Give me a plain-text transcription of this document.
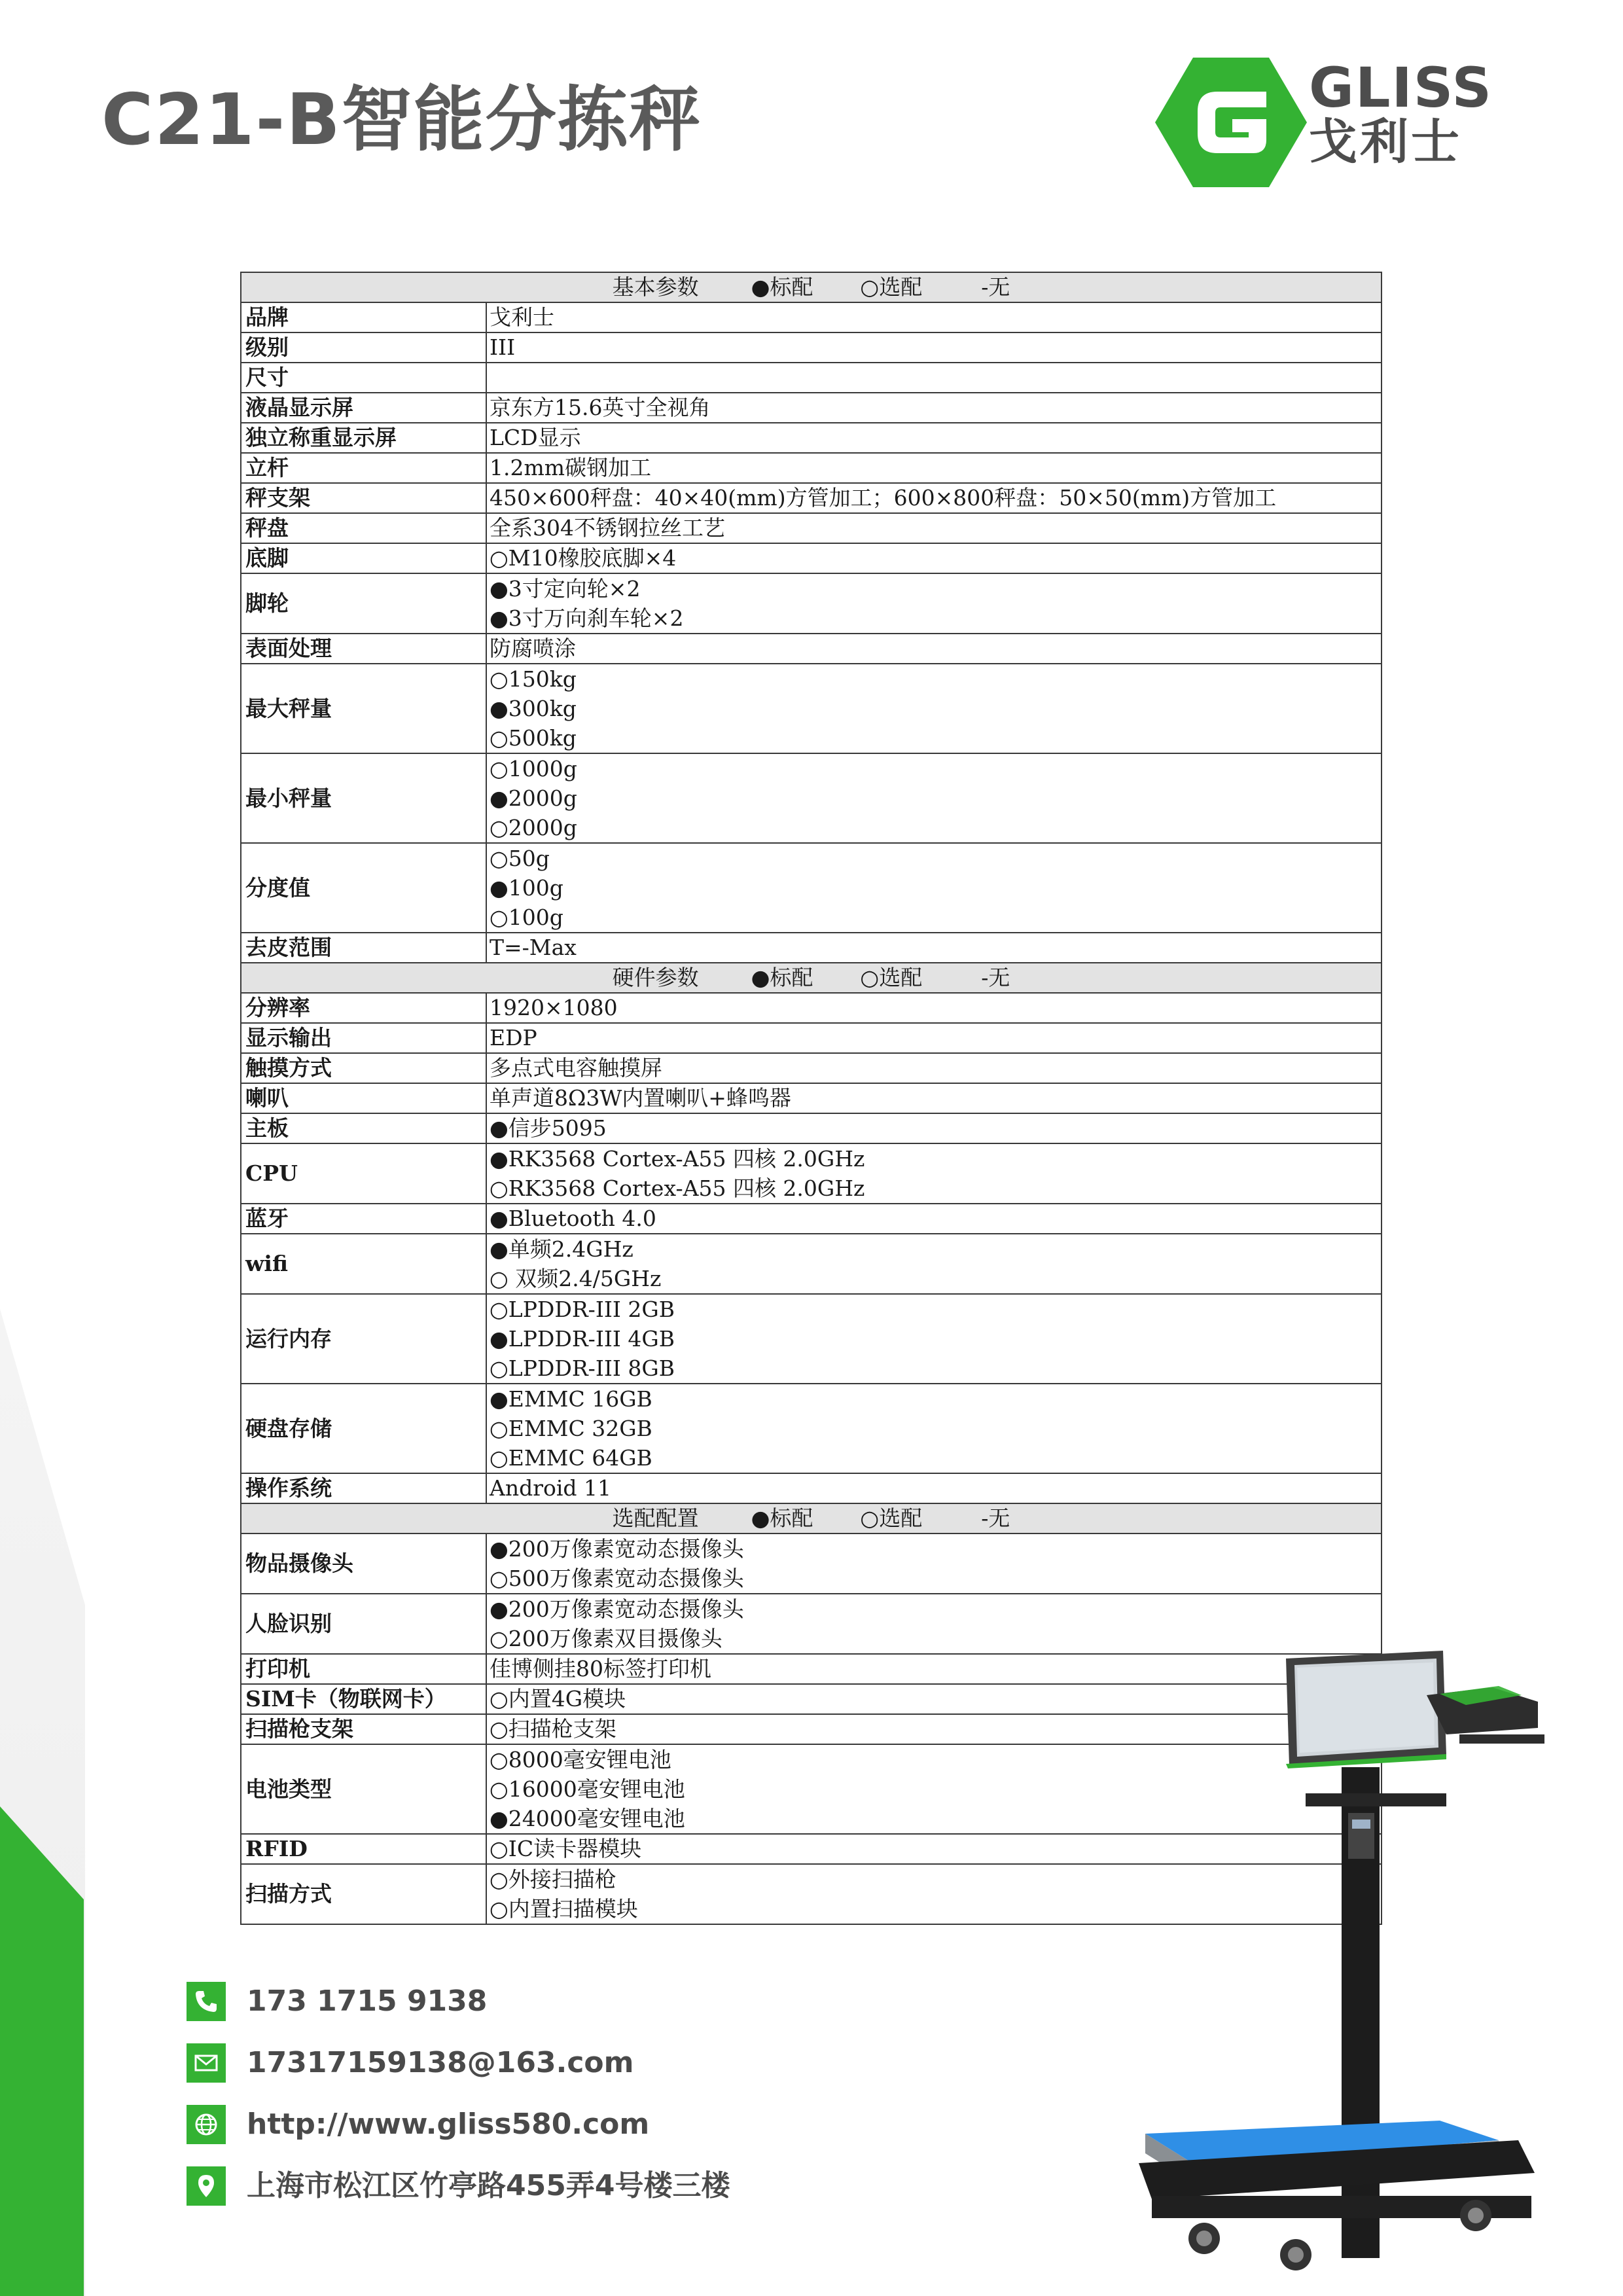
C21-B智能分拣秤	GLISS
戈利士
基本参数 ●标配 ○选配 -无	
品牌	戈利士
级别	III
尺寸	
液晶显示屏	京东方15.6英寸全视角
独立称重显示屏	LCD显示
立杆	1.2mm碳钢加工
秤支架	450×600秤盘：40×40(mm)方管加工；600×800秤盘：50×50(mm)方管加工
秤盘	全系304不锈钢拉丝工艺
底脚	○M10橡胶底脚×4
脚轮	●3寸定向轮×2
●3寸万向刹车轮×2

表面处理	防腐喷涂
最大秤量	○150kg
●300kg
○500kg

最小秤量	○1000g
●2000g
○2000g

分度值	○50g
●100g
○100g

去皮范围	T=-Max
硬件参数 ●标配 ○选配 -无	
分辨率	1920×1080
显示输出	EDP
触摸方式	多点式电容触摸屏
喇叭	单声道8Ω3W内置喇叭+蜂鸣器
主板	●信步5095
CPU	●RK3568 Cortex-A55 四核 2.0GHz
○RK3568 Cortex-A55 四核 2.0GHz

蓝牙	●Bluetooth 4.0
wifi	●单频2.4GHz
○ 双频2.4/5GHz

运行内存	○LPDDR-III 2GB
●LPDDR-III 4GB
○LPDDR-III 8GB

硬盘存储	●EMMC 16GB
○EMMC 32GB
○EMMC 64GB

操作系统	Android 11
选配配置 ●标配 ○选配 -无	
物品摄像头	●200万像素宽动态摄像头
○500万像素宽动态摄像头

人脸识别	●200万像素宽动态摄像头
○200万像素双目摄像头

打印机	佳博侧挂80标签打印机
SIM卡（物联网卡）	○内置4G模块
扫描枪支架	○扫描枪支架
电池类型	○8000毫安锂电池
○16000毫安锂电池
●24000毫安锂电池

RFID	○IC读卡器模块
扫描方式	○外接扫描枪
○内置扫描模块
173 1715 9138
17317159138@163.com
http://www.gliss580.com
上海市松江区竹亭路455弄4号楼三楼
